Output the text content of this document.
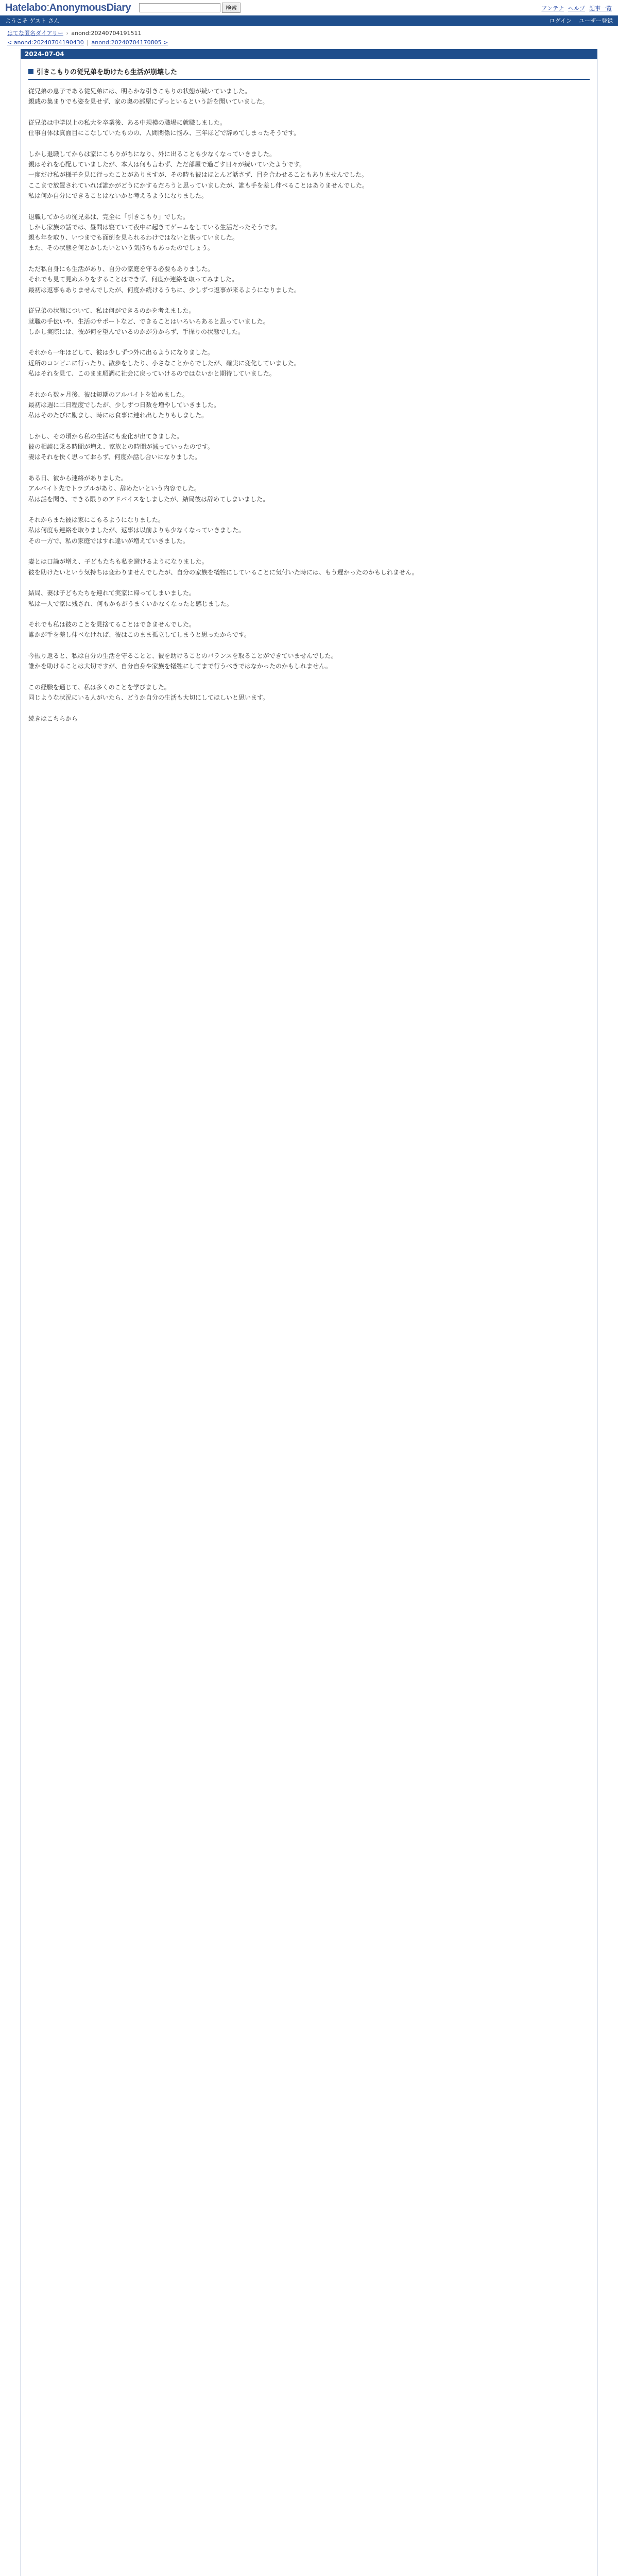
Hatelabo:AnonymousDiary	検索	アンテナ ヘルプ 記事一覧
ようこそ ゲスト さん	ログイン ユーザー登録
はてな匿名ダイアリー › anond:20240704191511
< anond:20240704190430 | anond:20240704170805 >
2024-07-04
引きこもりの従兄弟を助けたら生活が崩壊した
従兄弟の息子である従兄弟には、明らかな引きこもりの状態が続いていました。
親戚の集まりでも姿を見せず、家の奥の部屋にずっといるという話を聞いていました。
従兄弟は中学以上の私大を卒業後、ある中規模の職場に就職しました。
仕事自体は真面目にこなしていたものの、人間関係に悩み、三年ほどで辞めてしまったそうです。
しかし退職してからは家にこもりがちになり、外に出ることも少なくなっていきました。
親はそれを心配していましたが、本人は何も言わず、ただ部屋で過ごす日々が続いていたようです。
一度だけ私が様子を見に行ったことがありますが、その時も彼はほとんど話さず、目を合わせることもありませんでした。
ここまで放置されていれば誰かがどうにかするだろうと思っていましたが、誰も手を差し伸べることはありませんでした。
私は何か自分にできることはないかと考えるようになりました。
退職してからの従兄弟は、完全に「引きこもり」でした。
しかし家族の話では、昼間は寝ていて夜中に起きてゲームをしている生活だったそうです。
親も年を取り、いつまでも面倒を見られるわけではないと焦っていました。
また、その状態を何とかしたいという気持ちもあったのでしょう。
ただ私自身にも生活があり、自分の家庭を守る必要もありました。
それでも見て見ぬふりをすることはできず、何度か連絡を取ってみました。
最初は返事もありませんでしたが、何度か続けるうちに、少しずつ返事が来るようになりました。
従兄弟の状態について、私は何ができるのかを考えました。
就職の手伝いや、生活のサポートなど、できることはいろいろあると思っていました。
しかし実際には、彼が何を望んでいるのかが分からず、手探りの状態でした。
それから一年ほどして、彼は少しずつ外に出るようになりました。
近所のコンビニに行ったり、散歩をしたり、小さなことからでしたが、確実に変化していました。
私はそれを見て、このまま順調に社会に戻っていけるのではないかと期待していました。
それから数ヶ月後、彼は短期のアルバイトを始めました。
最初は週に二日程度でしたが、少しずつ日数を増やしていきました。
私はそのたびに励まし、時には食事に連れ出したりもしました。
しかし、その頃から私の生活にも変化が出てきました。
彼の相談に乗る時間が増え、家族との時間が減っていったのです。
妻はそれを快く思っておらず、何度か話し合いになりました。
ある日、彼から連絡がありました。
アルバイト先でトラブルがあり、辞めたいという内容でした。
私は話を聞き、できる限りのアドバイスをしましたが、結局彼は辞めてしまいました。
それからまた彼は家にこもるようになりました。
私は何度も連絡を取りましたが、返事は以前よりも少なくなっていきました。
その一方で、私の家庭ではすれ違いが増えていきました。
妻とは口論が増え、子どもたちも私を避けるようになりました。
彼を助けたいという気持ちは変わりませんでしたが、自分の家族を犠牲にしていることに気付いた時には、もう遅かったのかもしれません。
結局、妻は子どもたちを連れて実家に帰ってしまいました。
私は一人で家に残され、何もかもがうまくいかなくなったと感じました。
それでも私は彼のことを見捨てることはできませんでした。
誰かが手を差し伸べなければ、彼はこのまま孤立してしまうと思ったからです。
今振り返ると、私は自分の生活を守ることと、彼を助けることのバランスを取ることができていませんでした。
誰かを助けることは大切ですが、自分自身や家族を犠牲にしてまで行うべきではなかったのかもしれません。
この経験を通じて、私は多くのことを学びました。
同じような状況にいる人がいたら、どうか自分の生活も大切にしてほしいと思います。
続きはこちらから
